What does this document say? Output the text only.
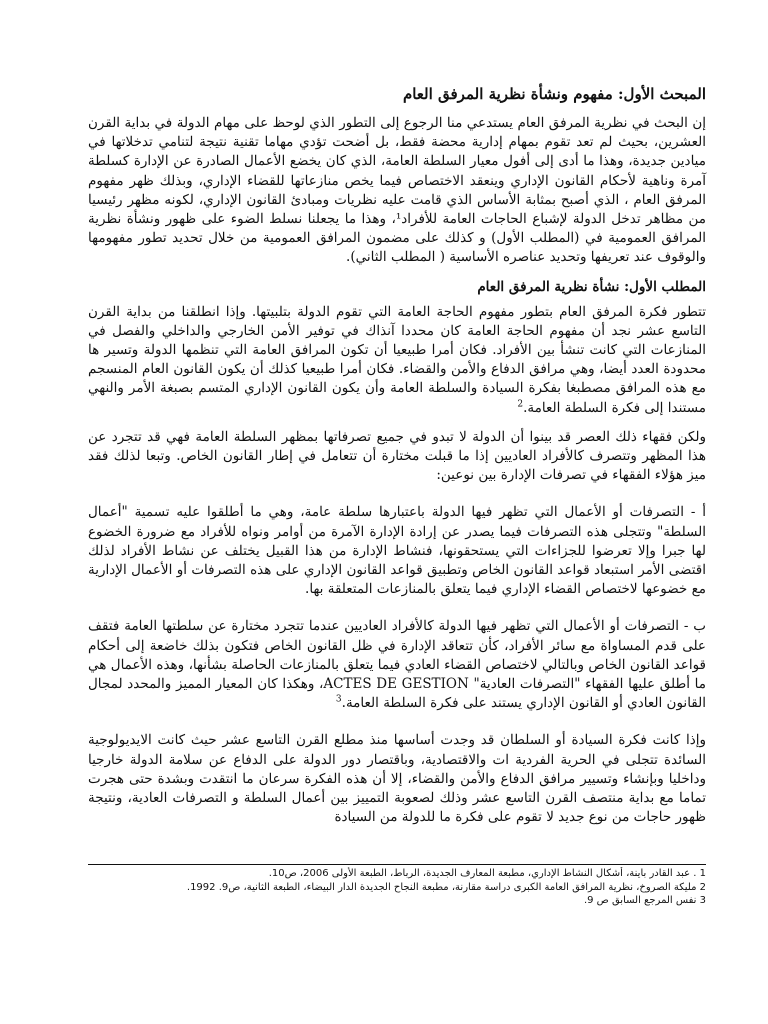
المبحث الأول: مفهوم ونشأة نظرية المرفق العام

إن البحث في نظرية المرفق العام يستدعي منا الرجوع إلى التطور الذي لوحظ على مهام الدولة في بداية القرن العشرين، بحيث لم تعد تقوم بمهام إدارية محضة فقط، بل أضحت تؤدي مهاما تقنية نتيجة لتنامي تدخلاتها في ميادين جديدة، وهذا ما أدى إلى أفول معيار السلطة العامة، الذي كان يخضع الأعمال الصادرة عن الإدارة كسلطة آمرة وناهية لأحكام القانون الإداري وينعقد الاختصاص فيما يخص منازعاتها للقضاء الإداري، وبذلك ظهر مفهوم المرفق العام ، الذي أصبح بمثابة الأساس الذي قامت عليه نظريات ومبادئ القانون الإداري، لكونه مظهر رئيسيا من مظاهر تدخل الدولة لإشباع الحاجات العامة للأفراد¹، وهذا ما يجعلنا نسلط الضوء على ظهور ونشأة نظرية المرافق العمومية في (المطلب الأول) و كذلك على مضمون المرافق العمومية من خلال تحديد تطور مفهومها والوقوف عند تعريفها وتحديد عناصره الأساسية ( المطلب الثاني).

المطلب الأول: نشأة نظرية المرفق العام

تتطور فكرة المرفق العام بتطور مفهوم الحاجة العامة التي تقوم الدولة بتلبيتها. وإذا انطلقنا من بداية القرن التاسع عشر نجد أن مفهوم الحاجة العامة كان محددا آنذاك في توفير الأمن الخارجي والداخلي والفصل في المنازعات التي كانت تنشأ بين الأفراد. فكان أمرا طبيعيا أن تكون المرافق العامة التي تنظمها الدولة وتسير ها محدودة العدد أيضا، وهي مرافق الدفاع والأمن والقضاء. فكان أمرا طبيعيا كذلك أن يكون القانون العام المنسجم مع هذه المرافق مصطبغا بفكرة السيادة والسلطة العامة وأن يكون القانون الإداري المتسم بصبغة الأمر والنهي مستندا إلى فكرة السلطة العامة.$^2$

ولكن فقهاء ذلك العصر قد بينوا أن الدولة لا تبدو في جميع تصرفاتها بمظهر السلطة العامة فهي قد تتجرد عن هذا المظهر وتتصرف كالأفراد العاديين إذا ما قبلت مختارة أن تتعامل في إطار القانون الخاص. وتبعا لذلك فقد ميز هؤلاء الفقهاء في تصرفات الإدارة بين نوعين:

أ - التصرفات أو الأعمال التي تظهر فيها الدولة باعتبارها سلطة عامة، وهي ما أطلقوا عليه تسمية "أعمال السلطة" وتتجلى هذه التصرفات فيما يصدر عن إرادة الإدارة الآمرة من أوامر ونواه للأفراد مع ضرورة الخضوع لها جبرا وإلا تعرضوا للجزاءات التي يستحقونها، فنشاط الإدارة من هذا القبيل يختلف عن نشاط الأفراد لذلك اقتضى الأمر استبعاد قواعد القانون الخاص وتطبيق قواعد القانون الإداري على هذه التصرفات أو الأعمال الإدارية مع خضوعها لاختصاص القضاء الإداري فيما يتعلق بالمنازعات المتعلقة بها.

ب - التصرفات أو الأعمال التي تظهر فيها الدولة كالأفراد العاديين عندما تتجرد مختارة عن سلطتها العامة فتقف على قدم المساواة مع سائر الأفراد، كأن تتعاقد الإدارة في ظل القانون الخاص فتكون بذلك خاضعة إلى أحكام قواعد القانون الخاص وبالتالي لاختصاص القضاء العادي فيما يتعلق بالمنازعات الحاصلة بشأنها، وهذه الأعمال هي ما أطلق عليها الفقهاء "التصرفات العادية" ACTES DE GESTION، وهكذا كان المعيار المميز والمحدد لمجال القانون العادي أو القانون الإداري يستند على فكرة السلطة العامة.$^3$

وإذا كانت فكرة السيادة أو السلطان قد وجدت أساسها منذ مطلع القرن التاسع عشر حيث كانت الايديولوجية السائدة تتجلى في الحرية الفردية ات والاقتصادية، وباقتصار دور الدولة على الدفاع عن سلامة الدولة خارجيا وداخليا وبإنشاء وتسيير مرافق الدفاع والأمن والقضاء، إلا أن هذه الفكرة سرعان ما انتقدت وبشدة حتى هجرت تماما مع بداية منتصف القرن التاسع عشر وذلك لصعوبة التمييز بين أعمال السلطة و التصرفات العادية، ونتيجة ظهور حاجات من نوع جديد لا تقوم على فكرة ما للدولة من السيادة

1 . عبد القادر باينة، أشكال النشاط الإداري، مطبعة المعارف الجديدة، الرباط، الطبعة الأولى 2006، ص10.

2 مليكة الصروخ، نظرية المرافق العامة الكبرى دراسة مقارنة، مطبعة النجاح الجديدة الدار البيضاء، الطبعة الثانية، ص9. 1992.

3 نفس المرجع السابق ص 9.
